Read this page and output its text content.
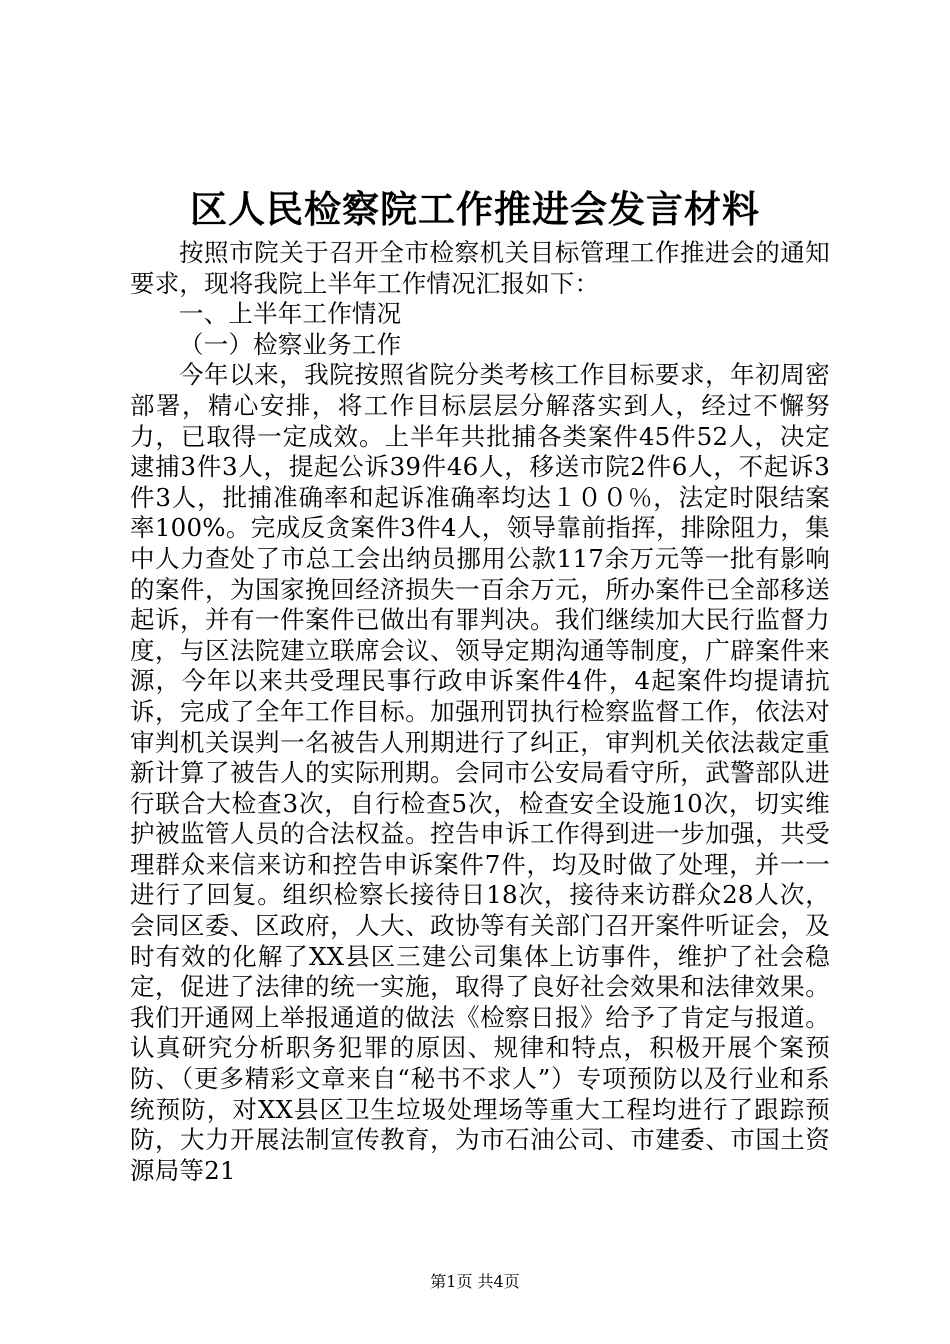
区人民检察院工作推进会发言材料

按照市院关于召开全市检察机关目标管理工作推进会的通知要求，现将我院上半年工作情况汇报如下：

一、上半年工作情况

（一）检察业务工作

今年以来，我院按照省院分类考核工作目标要求，年初周密部署，精心安排，将工作目标层层分解落实到人，经过不懈努力，已取得一定成效。上半年共批捕各类案件45件52人，决定逮捕3件3人，提起公诉39件46人，移送市院2件6人，不起诉3件3人，批捕准确率和起诉准确率均达１００％，法定时限结案率100%。完成反贪案件3件4人，领导靠前指挥，排除阻力，集中人力查处了市总工会出纳员挪用公款117余万元等一批有影响的案件，为国家挽回经济损失一百余万元，所办案件已全部移送起诉，并有一件案件已做出有罪判决。我们继续加大民行监督力度，与区法院建立联席会议、领导定期沟通等制度，广辟案件来源，今年以来共受理民事行政申诉案件4件，4起案件均提请抗诉，完成了全年工作目标。加强刑罚执行检察监督工作，依法对审判机关误判一名被告人刑期进行了纠正，审判机关依法裁定重新计算了被告人的实际刑期。会同市公安局看守所，武警部队进行联合大检查3次，自行检查5次，检查安全设施10次，切实维护被监管人员的合法权益。控告申诉工作得到进一步加强，共受理群众来信来访和控告申诉案件7件，均及时做了处理，并一一进行了回复。组织检察长接待日18次，接待来访群众28人次，会同区委、区政府，人大、政协等有关部门召开案件听证会，及时有效的化解了XX县区三建公司集体上访事件，维护了社会稳定，促进了法律的统一实施，取得了良好社会效果和法律效果。我们开通网上举报通道的做法《检察日报》给予了肯定与报道。认真研究分析职务犯罪的原因、规律和特点，积极开展个案预防、（更多精彩文章来自“秘书不求人”）专项预防以及行业和系统预防，对XX县区卫生垃圾处理场等重大工程均进行了跟踪预防，大力开展法制宣传教育，为市石油公司、市建委、市国土资源局等21

第1页 共4页
